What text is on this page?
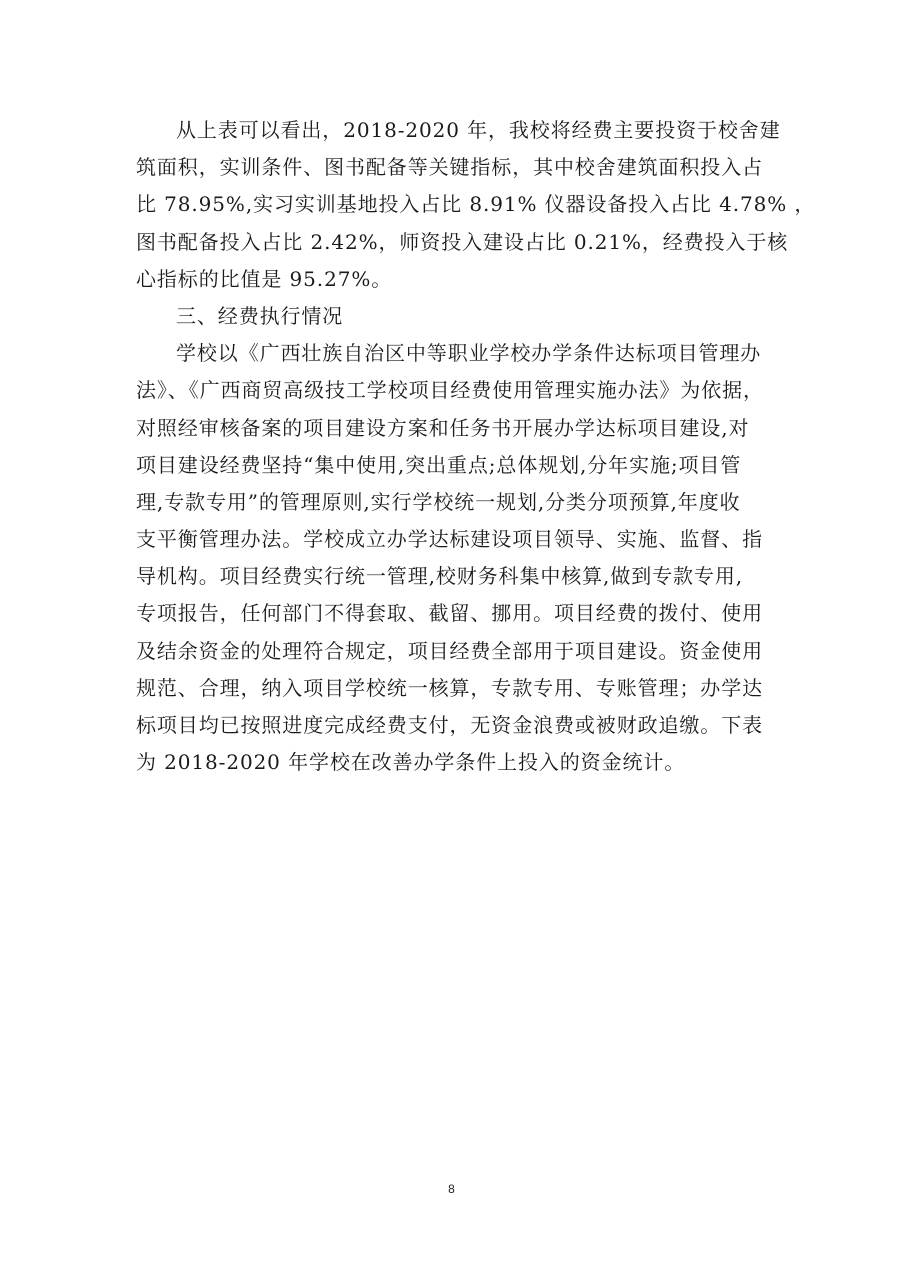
从上表可以看出，2018-2020 年，我校将经费主要投资于校舍建
筑面积，实训条件、图书配备等关键指标，其中校舍建筑面积投入占
比 78.95%,实习实训基地投入占比 8.91% 仪器设备投入占比 4.78% ，
图书配备投入占比 2.42%，师资投入建设占比 0.21%，经费投入于核
心指标的比值是 95.27%。
三、经费执行情况
学校以《广西壮族自治区中等职业学校办学条件达标项目管理办
法》、《广西商贸高级技工学校项目经费使用管理实施办法》为依据，
对照经审核备案的项目建设方案和任务书开展办学达标项目建设,对
项目建设经费坚持“集中使用,突出重点;总体规划,分年实施;项目管
理,专款专用”的管理原则,实行学校统一规划,分类分项预算,年度收
支平衡管理办法。学校成立办学达标建设项目领导、实施、监督、指
导机构。项目经费实行统一管理,校财务科集中核算,做到专款专用,
专项报告，任何部门不得套取、截留、挪用。项目经费的拨付、使用
及结余资金的处理符合规定，项目经费全部用于项目建设。资金使用
规范、合理，纳入项目学校统一核算，专款专用、专账管理；办学达
标项目均已按照进度完成经费支付，无资金浪费或被财政追缴。下表
为 2018-2020 年学校在改善办学条件上投入的资金统计。
8
